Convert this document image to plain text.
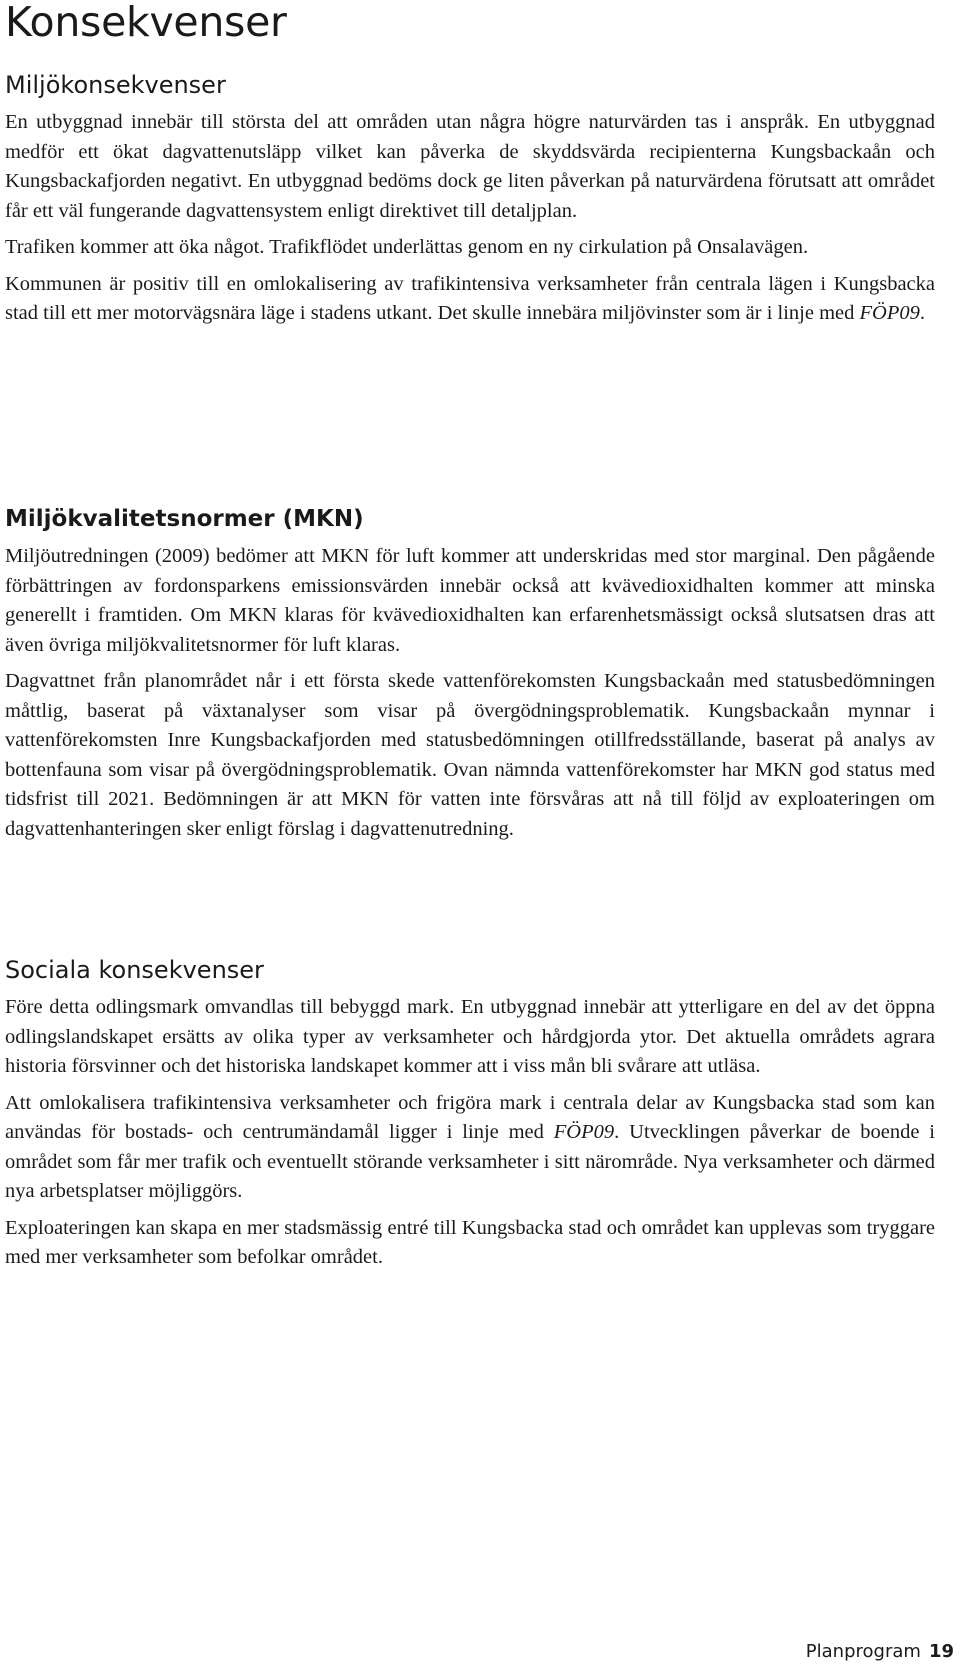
Konsekvenser
Miljökonsekvenser

En utbyggnad innebär till största del att områden utan några högre naturvärden tas i anspråk. En utbyggnad medför ett ökat dagvattenutsläpp vilket kan påverka de skyddsvärda recipienterna Kungsbackaån och Kungsbackafjorden negativt. En utbyggnad bedöms dock ge liten påverkan på naturvärdena förutsatt att området får ett väl fungerande dagvattensystem enligt direktivet till detaljplan.

Trafiken kommer att öka något. Trafikflödet underlättas genom en ny cirkulation på Onsalavägen.

Kommunen är positiv till en omlokalisering av trafikintensiva verksamheter från centrala lägen i Kungsbacka stad till ett mer motorvägsnära läge i stadens utkant. Det skulle innebära miljövinster som är i linje med FÖP09.

Miljökvalitetsnormer (MKN)

Miljöutredningen (2009) bedömer att MKN för luft kommer att underskridas med stor marginal. Den pågående förbättringen av fordonsparkens emissionsvärden innebär också att kvävedioxidhalten kommer att minska generellt i framtiden. Om MKN klaras för kvävedioxidhalten kan erfarenhetsmässigt också slutsatsen dras att även övriga miljökvalitetsnormer för luft klaras.

Dagvattnet från planområdet når i ett första skede vattenförekomsten Kungsbackaån med statusbedömningen måttlig, baserat på växtanalyser som visar på övergödningsproblematik. Kungsbackaån mynnar i vattenförekomsten Inre Kungsbackafjorden med statusbedömningen otillfredsställande, baserat på analys av bottenfauna som visar på övergödningsproblematik. Ovan nämnda vattenförekomster har MKN god status med tidsfrist till 2021. Bedömningen är att MKN för vatten inte försvåras att nå till följd av exploateringen om dagvattenhanteringen sker enligt förslag i dagvattenutredning.

Sociala konsekvenser

Före detta odlingsmark omvandlas till bebyggd mark. En utbyggnad innebär att ytterligare en del av det öppna odlingslandskapet ersätts av olika typer av verksamheter och hårdgjorda ytor. Det aktuella områdets agrara historia försvinner och det historiska landskapet kommer att i viss mån bli svårare att utläsa.

Att omlokalisera trafikintensiva verksamheter och frigöra mark i centrala delar av Kungsbacka stad som kan användas för bostads- och centrumändamål ligger i linje med FÖP09. Utvecklingen påverkar de boende i området som får mer trafik och eventuellt störande verksamheter i sitt närområde. Nya verksamheter och därmed nya arbetsplatser möjliggörs.

Exploateringen kan skapa en mer stadsmässig entré till Kungsbacka stad och området kan upplevas som tryggare med mer verksamheter som befolkar området.

Planprogram 19
